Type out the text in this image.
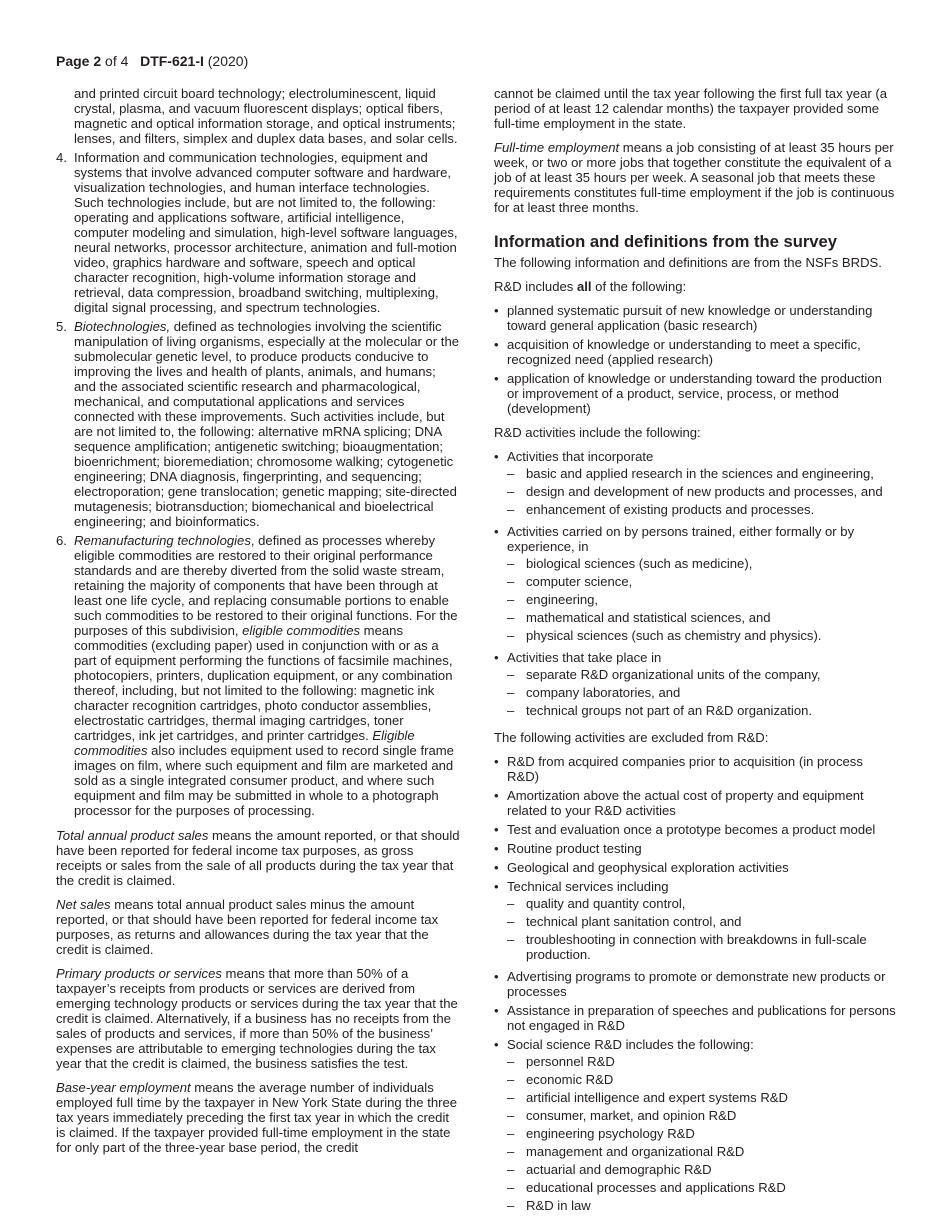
Page 2 of 4 DTF-621-I (2020)

and printed circuit board technology; electroluminescent, liquid crystal, plasma, and vacuum fluorescent displays; optical fibers, magnetic and optical information storage, and optical instruments; lenses, and filters, simplex and duplex data bases, and solar cells.

4. Information and communication technologies, equipment and systems that involve advanced computer software and hardware, visualization technologies, and human interface technologies. Such technologies include, but are not limited to, the following: operating and applications software, artificial intelligence, computer modeling and simulation, high-level software languages, neural networks, processor architecture, animation and full-motion video, graphics hardware and software, speech and optical character recognition, high-volume information storage and retrieval, data compression, broadband switching, multiplexing, digital signal processing, and spectrum technologies.
5. Biotechnologies, defined as technologies involving the scientific manipulation of living organisms, especially at the molecular or the submolecular genetic level, to produce products conducive to improving the lives and health of plants, animals, and humans; and the associated scientific research and pharmacological, mechanical, and computational applications and services connected with these improvements. Such activities include, but are not limited to, the following: alternative mRNA splicing; DNA sequence amplification; antigenetic switching; bioaugmentation; bioenrichment; bioremediation; chromosome walking; cytogenetic engineering; DNA diagnosis, fingerprinting, and sequencing; electroporation; gene translocation; genetic mapping; site-directed mutagenesis; biotransduction; biomechanical and bioelectrical engineering; and bioinformatics.
6. Remanufacturing technologies, defined as processes whereby eligible commodities are restored to their original performance standards and are thereby diverted from the solid waste stream, retaining the majority of components that have been through at least one life cycle, and replacing consumable portions to enable such commodities to be restored to their original functions. For the purposes of this subdivision, eligible commodities means commodities (excluding paper) used in conjunction with or as a part of equipment performing the functions of facsimile machines, photocopiers, printers, duplication equipment, or any combination thereof, including, but not limited to the following: magnetic ink character recognition cartridges, photo conductor assemblies, electrostatic cartridges, thermal imaging cartridges, toner cartridges, ink jet cartridges, and printer cartridges. Eligible commodities also includes equipment used to record single frame images on film, where such equipment and film are marketed and sold as a single integrated consumer product, and where such equipment and film may be submitted in whole to a photograph processor for the purposes of processing.

Total annual product sales means the amount reported, or that should have been reported for federal income tax purposes, as gross receipts or sales from the sale of all products during the tax year that the credit is claimed.

Net sales means total annual product sales minus the amount reported, or that should have been reported for federal income tax purposes, as returns and allowances during the tax year that the credit is claimed.

Primary products or services means that more than 50% of a taxpayer’s receipts from products or services are derived from emerging technology products or services during the tax year that the credit is claimed. Alternatively, if a business has no receipts from the sales of products and services, if more than 50% of the business’ expenses are attributable to emerging technologies during the tax year that the credit is claimed, the business satisfies the test.

Base-year employment means the average number of individuals employed full time by the taxpayer in New York State during the three tax years immediately preceding the first tax year in which the credit is claimed. If the taxpayer provided full-time employment in the state for only part of the three-year base period, the credit

cannot be claimed until the tax year following the first full tax year (a period of at least 12 calendar months) the taxpayer provided some full-time employment in the state.

Full-time employment means a job consisting of at least 35 hours per week, or two or more jobs that together constitute the equivalent of a job of at least 35 hours per week. A seasonal job that meets these requirements constitutes full-time employment if the job is continuous for at least three months.

Information and definitions from the survey

The following information and definitions are from the NSFs BRDS.

R&D includes all of the following:

• planned systematic pursuit of new knowledge or understanding toward general application (basic research)
• acquisition of knowledge or understanding to meet a specific, recognized need (applied research)
• application of knowledge or understanding toward the production or improvement of a product, service, process, or method (development)

R&D activities include the following:

• Activities that incorporate
– basic and applied research in the sciences and engineering,
– design and development of new products and processes, and
– enhancement of existing products and processes.
• Activities carried on by persons trained, either formally or by experience, in
– biological sciences (such as medicine),
– computer science,
– engineering,
– mathematical and statistical sciences, and
– physical sciences (such as chemistry and physics).
• Activities that take place in
– separate R&D organizational units of the company,
– company laboratories, and
– technical groups not part of an R&D organization.

The following activities are excluded from R&D:

• R&D from acquired companies prior to acquisition (in process R&D)
• Amortization above the actual cost of property and equipment related to your R&D activities
• Test and evaluation once a prototype becomes a product model
• Routine product testing
• Geological and geophysical exploration activities
• Technical services including
– quality and quantity control,
– technical plant sanitation control, and
– troubleshooting in connection with breakdowns in full-scale production.
• Advertising programs to promote or demonstrate new products or processes
• Assistance in preparation of speeches and publications for persons not engaged in R&D
• Social science R&D includes the following:
– personnel R&D
– economic R&D
– artificial intelligence and expert systems R&D
– consumer, market, and opinion R&D
– engineering psychology R&D
– management and organizational R&D
– actuarial and demographic R&D
– educational processes and applications R&D
– R&D in law
